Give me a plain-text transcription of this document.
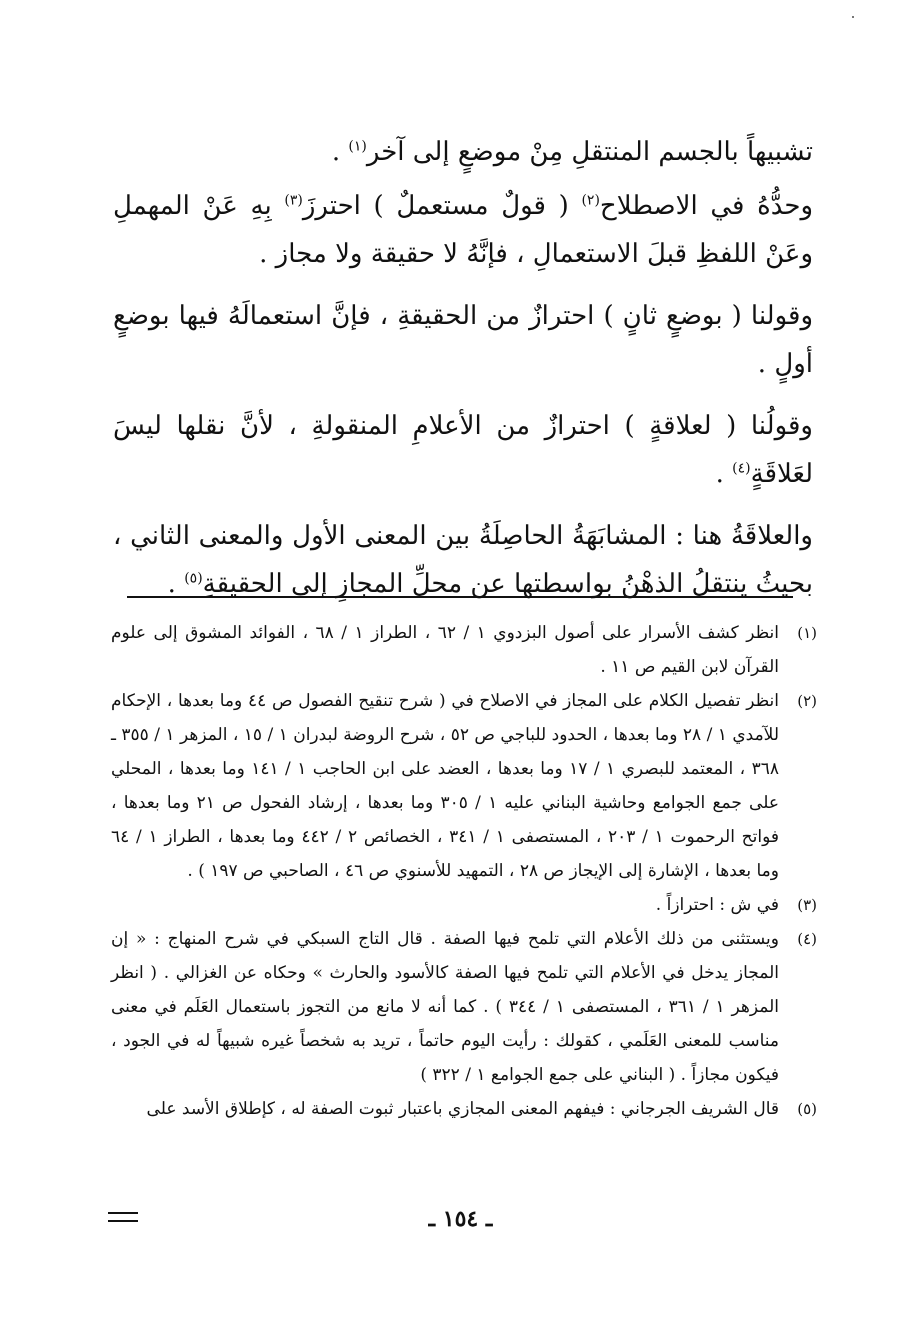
تشبيهاً بالجسم المنتقلِ مِنْ موضعٍ إلى آخر$^{(١)}$ .

وحدُّهُ في الاصطلاح$^{(٢)}$ ( قولٌ مستعملٌ ) احترزَ$^{(٣)}$ بِهِ عَنْ المهملِ وعَنْ اللفظِ قبلَ الاستعمالِ ، فإنَّهُ لا حقيقة ولا مجاز .

وقولنا ( بوضعٍ ثانٍ ) احترازٌ من الحقيقةِ ، فإنَّ استعمالَهُ فيها بوضعٍ أولٍ .

وقولُنا ( لعلاقةٍ ) احترازٌ من الأعلامِ المنقولةِ ، لأنَّ نقلها ليسَ لعَلاقَةٍ$^{(٤)}$ .

والعلاقَةُ هنا : المشابَهَةُ الحاصِلَةُ بين المعنى الأول والمعنى الثاني ، بحيثُ ينتقلُ الذهْنُ بواسطتها عن محلِّ المجازِ إلى الحقيقةِ$^{(٥)}$ .

(١)
انظر كشف الأسرار على أصول البزدوي ١ / ٦٢ ، الطراز ١ / ٦٨ ، الفوائد المشوق إلى علوم القرآن لابن القيم ص ١١ .
(٢)
انظر تفصيل الكلام على المجاز في الاصلاح في ( شرح تنقيح الفصول ص ٤٤ وما بعدها ، الإحكام للآمدي ١ / ٢٨ وما بعدها ، الحدود للباجي ص ٥٢ ، شرح الروضة لبدران ١ / ١٥ ، المزهر ١ / ٣٥٥ ـ ٣٦٨ ، المعتمد للبصري ١ / ١٧ وما بعدها ، العضد على ابن الحاجب ١ / ١٤١ وما بعدها ، المحلي على جمع الجوامع وحاشية البناني عليه ١ / ٣٠٥ وما بعدها ، إرشاد الفحول ص ٢١ وما بعدها ، فواتح الرحموت ١ / ٢٠٣ ، المستصفى ١ / ٣٤١ ، الخصائص ٢ / ٤٤٢ وما بعدها ، الطراز ١ / ٦٤ وما بعدها ، الإشارة إلى الإيجاز ص ٢٨ ، التمهيد للأسنوي ص ٤٦ ، الصاحبي ص ١٩٧ ) .
(٣)
في ش : احترازاً .
(٤)
ويستثنى من ذلك الأعلام التي تلمح فيها الصفة . قال التاج السبكي في شرح المنهاج : « إن المجاز يدخل في الأعلام التي تلمح فيها الصفة كالأسود والحارث » وحكاه عن الغزالي . ( انظر المزهر ١ / ٣٦١ ، المستصفى ١ / ٣٤٤ ) . كما أنه لا مانع من التجوز باستعمال العَلَم في معنى مناسب للمعنى العَلَمي ، كقولك : رأيت اليوم حاتماً ، تريد به شخصاً غيره شبيهاً له في الجود ، فيكون مجازاً . ( البناني على جمع الجوامع ١ / ٣٢٢ )
(٥)
قال الشريف الجرجاني : فيفهم المعنى المجازي باعتبار ثبوت الصفة له ، كإطلاق الأسد على
ـ ١٥٤ ـ
